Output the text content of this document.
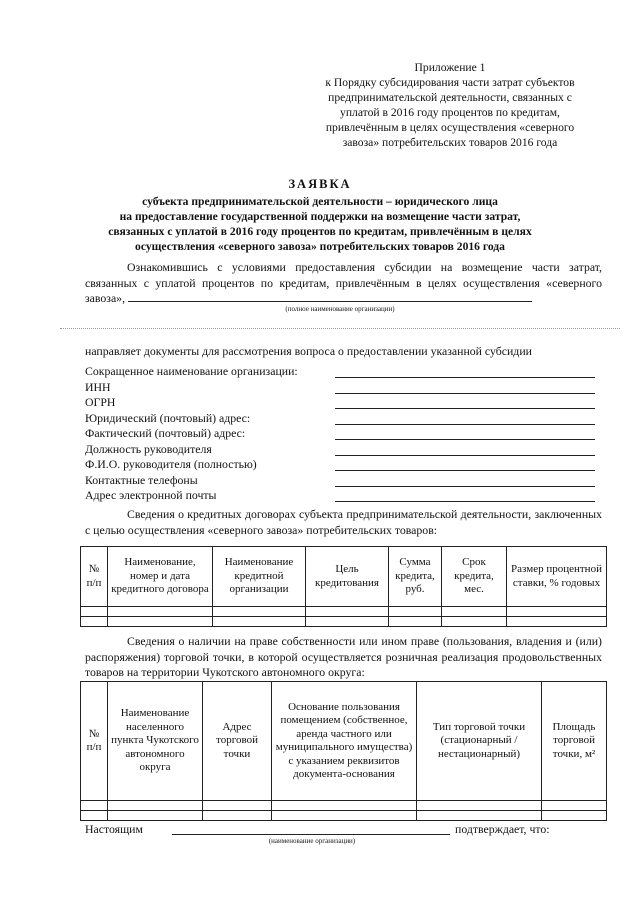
Приложение 1
к Порядку субсидирования части затрат субъектов
предпринимательской деятельности, связанных с
уплатой в 2016 году процентов по кредитам,
привлечённым в целях осуществления «северного
завоза» потребительских товаров 2016 года
ЗАЯВКА
субъекта предпринимательской деятельности – юридического лица
на предоставление государственной поддержки на возмещение части затрат,
связанных с уплатой в 2016 году процентов по кредитам, привлечённым в целях
осуществления «северного завоза» потребительских товаров 2016 года
Ознакомившись с условиями предоставления субсидии на возмещение части затрат, связанных с уплатой процентов по кредитам, привлечённым в целях осуществления «северного завоза»,
(полное наименование организации)
направляет документы для рассмотрения вопроса о предоставлении указанной субсидии
Сокращенное наименование организации:
ИНН
ОГРН
Юридический (почтовый) адрес:
Фактический (почтовый) адрес:
Должность руководителя
Ф.И.О. руководителя (полностью)
Контактные телефоны
Адрес электронной почты
Сведения о кредитных договорах субъекта предпринимательской деятельности, заключенных с целью осуществления «северного завоза» потребительских товаров:
№ п/п	Наименование, номер и дата кредитного договора	Наименование кредитной организации	Цель кредитования	Сумма кредита, руб.	Срок кредита, мес.	Размер процентной ставки, % годовых

Сведения о наличии на праве собственности или ином праве (пользования, владения и (или) распоряжения) торговой точки, в которой осуществляется розничная реализация продовольственных товаров на территории Чукотского автономного округа:
№ п/п	Наименование населенного пункта Чукотского автономного округа	Адрес торговой точки	Основание пользования помещением (собственное, аренда частного или муниципального имущества) с указанием реквизитов документа-основания	Тип торговой точки (стационарный / нестационарный)	Площадь торговой точки, м²

Настоящим	подтверждает, что:
(наименование организации)
